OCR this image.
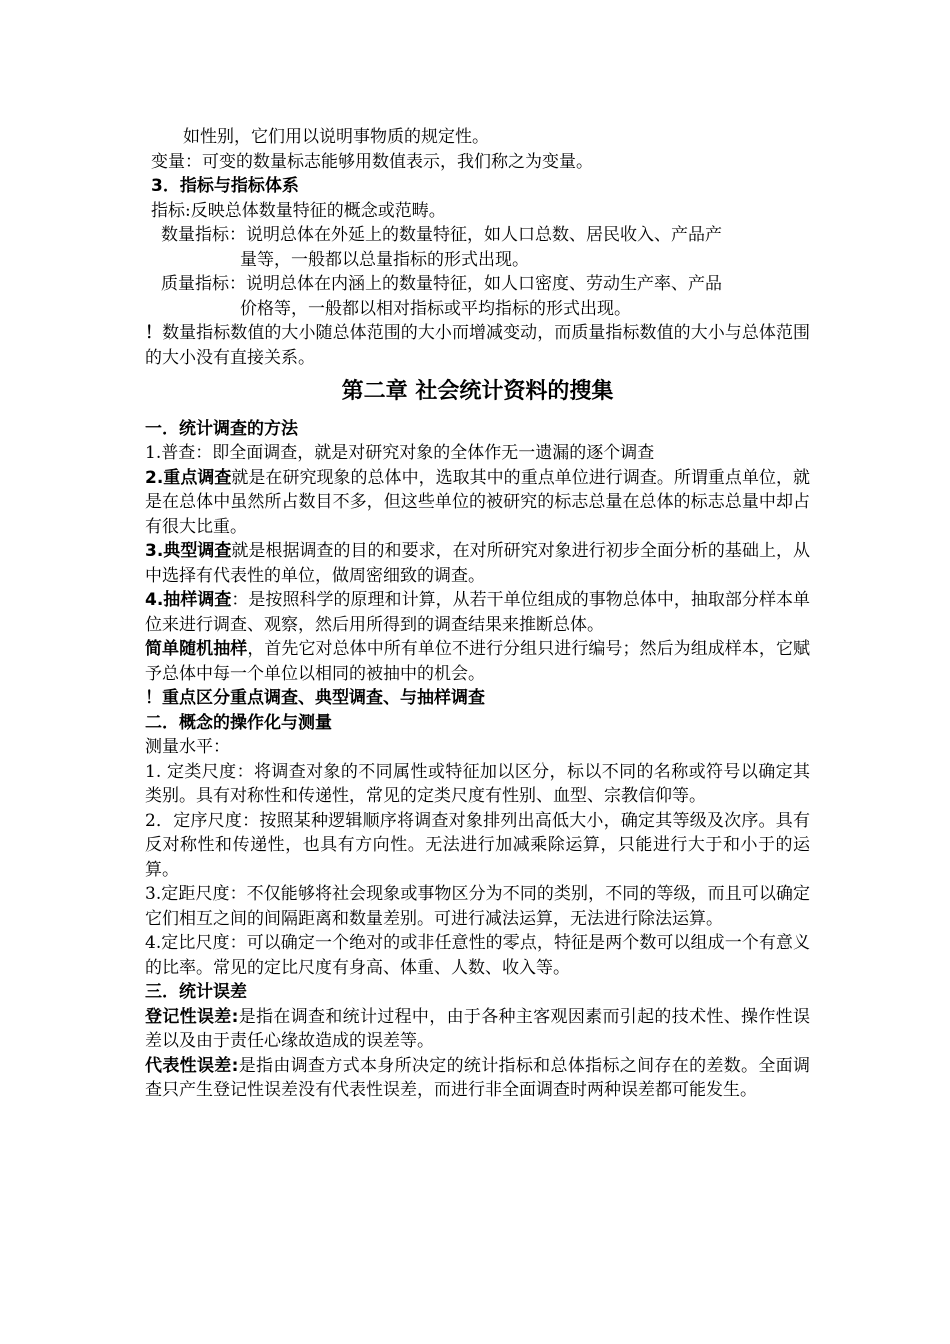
如性别，它们用以说明事物质的规定性。
变量：可变的数量标志能够用数值表示，我们称之为变量。
3．指标与指标体系
指标:反映总体数量特征的概念或范畴。
数量指标：说明总体在外延上的数量特征，如人口总数、居民收入、产品产
量等，一般都以总量指标的形式出现。
质量指标：说明总体在内涵上的数量特征，如人口密度、劳动生产率、产品
价格等，一般都以相对指标或平均指标的形式出现。
！数量指标数值的大小随总体范围的大小而增减变动，而质量指标数值的大小与总体范围的大小没有直接关系。
第二章 社会统计资料的搜集
一．统计调查的方法
1.普查：即全面调查，就是对研究对象的全体作无一遗漏的逐个调查
2.重点调查就是在研究现象的总体中，选取其中的重点单位进行调查。所谓重点单位，就是在总体中虽然所占数目不多，但这些单位的被研究的标志总量在总体的标志总量中却占有很大比重。
3.典型调查就是根据调查的目的和要求，在对所研究对象进行初步全面分析的基础上，从中选择有代表性的单位，做周密细致的调查。
4.抽样调查：是按照科学的原理和计算，从若干单位组成的事物总体中，抽取部分样本单位来进行调查、观察，然后用所得到的调查结果来推断总体。
简单随机抽样，首先它对总体中所有单位不进行分组只进行编号；然后为组成样本，它赋予总体中每一个单位以相同的被抽中的机会。
！重点区分重点调查、典型调查、与抽样调查
二．概念的操作化与测量
测量水平：
1. 定类尺度：将调查对象的不同属性或特征加以区分，标以不同的名称或符号以确定其类别。具有对称性和传递性，常见的定类尺度有性别、血型、宗教信仰等。
2．定序尺度：按照某种逻辑顺序将调查对象排列出高低大小，确定其等级及次序。具有反对称性和传递性，也具有方向性。无法进行加减乘除运算，只能进行大于和小于的运算。
3.定距尺度：不仅能够将社会现象或事物区分为不同的类别，不同的等级，而且可以确定它们相互之间的间隔距离和数量差别。可进行减法运算，无法进行除法运算。
4.定比尺度：可以确定一个绝对的或非任意性的零点，特征是两个数可以组成一个有意义的比率。常见的定比尺度有身高、体重、人数、收入等。
三．统计误差
登记性误差:是指在调查和统计过程中，由于各种主客观因素而引起的技术性、操作性误差以及由于责任心缘故造成的误差等。
代表性误差:是指由调查方式本身所决定的统计指标和总体指标之间存在的差数。全面调查只产生登记性误差没有代表性误差，而进行非全面调查时两种误差都可能发生。
